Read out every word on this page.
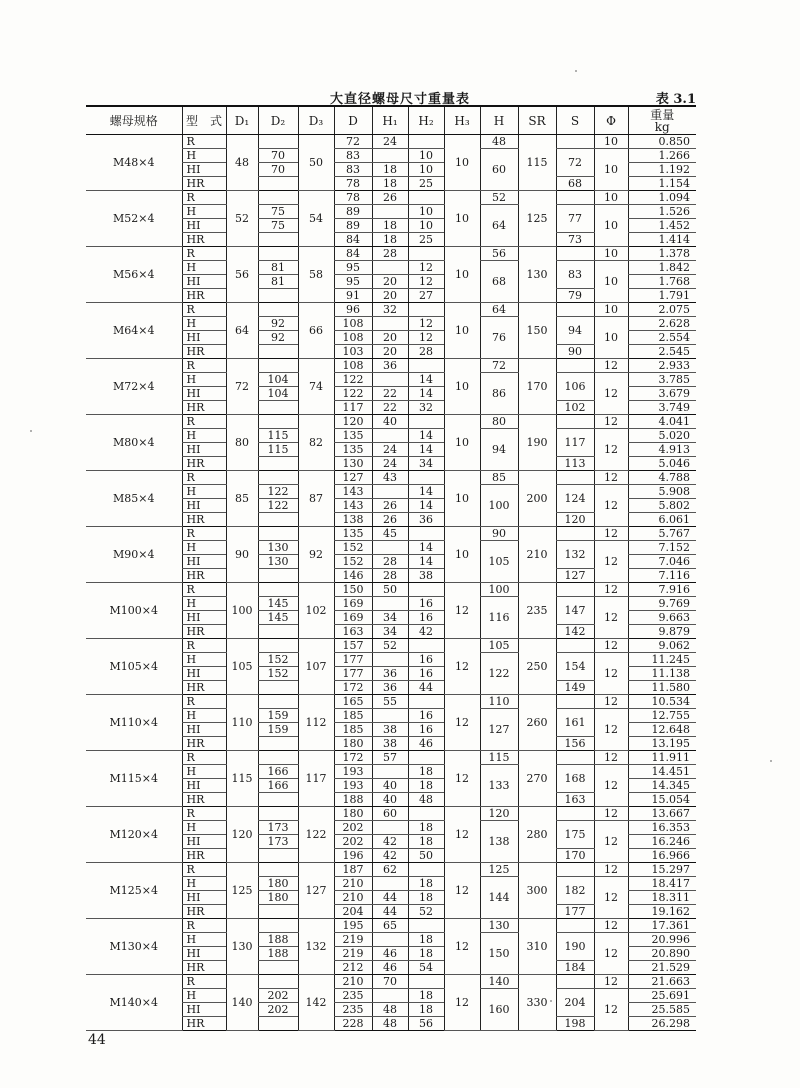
大直径螺母尺寸重量表	表 3.1
螺母规格	型　式	D₁	D₂	D₃	D	H₁	H₂	H₃	H	SR	S	Φ	重量
kg
M48×4	R	48		50	72	24		10	48	115		10	0.850
	H		70		83		10		60		72	10	1.266
	HI		70		83	18	10						1.192
	HR				78	18	25				68		1.154
M52×4	R	52		54	78	26		10	52	125		10	1.094
	H		75		89		10		64		77	10	1.526
	HI		75		89	18	10						1.452
	HR				84	18	25				73		1.414
M56×4	R	56		58	84	28		10	56	130		10	1.378
	H		81		95		12		68		83	10	1.842
	HI		81		95	20	12						1.768
	HR				91	20	27				79		1.791
M64×4	R	64		66	96	32		10	64	150		10	2.075
	H		92		108		12		76		94	10	2.628
	HI		92		108	20	12						2.554
	HR				103	20	28				90		2.545
M72×4	R	72		74	108	36		10	72	170		12	2.933
	H		104		122		14		86		106	12	3.785
	HI		104		122	22	14						3.679
	HR				117	22	32				102		3.749
M80×4	R	80		82	120	40		10	80	190		12	4.041
	H		115		135		14		94		117	12	5.020
	HI		115		135	24	14						4.913
	HR				130	24	34				113		5.046
M85×4	R	85		87	127	43		10	85	200		12	4.788
	H		122		143		14		100		124	12	5.908
	HI		122		143	26	14						5.802
	HR				138	26	36				120		6.061
M90×4	R	90		92	135	45		10	90	210		12	5.767
	H		130		152		14		105		132	12	7.152
	HI		130		152	28	14						7.046
	HR				146	28	38				127		7.116
M100×4	R	100		102	150	50		12	100	235		12	7.916
	H		145		169		16		116		147	12	9.769
	HI		145		169	34	16						9.663
	HR				163	34	42				142		9.879
M105×4	R	105		107	157	52		12	105	250		12	9.062
	H		152		177		16		122		154	12	11.245
	HI		152		177	36	16						11.138
	HR				172	36	44				149		11.580
M110×4	R	110		112	165	55		12	110	260		12	10.534
	H		159		185		16		127		161	12	12.755
	HI		159		185	38	16						12.648
	HR				180	38	46				156		13.195
M115×4	R	115		117	172	57		12	115	270		12	11.911
	H		166		193		18		133		168	12	14.451
	HI		166		193	40	18						14.345
	HR				188	40	48				163		15.054
M120×4	R	120		122	180	60		12	120	280		12	13.667
	H		173		202		18		138		175	12	16.353
	HI		173		202	42	18						16.246
	HR				196	42	50				170		16.966
M125×4	R	125		127	187	62		12	125	300		12	15.297
	H		180		210		18		144		182	12	18.417
	HI		180		210	44	18						18.311
	HR				204	44	52				177		19.162
M130×4	R	130		132	195	65		12	130	310		12	17.361
	H		188		219		18		150		190	12	20.996
	HI		188		219	46	18						20.890
	HR				212	46	54				184		21.529
M140×4	R	140		142	210	70		12	140	330		12	21.663
	H		202		235		18		160		204	12	25.691
	HI		202		235	48	18						25.585
	HR				228	48	56				198		26.298
44
